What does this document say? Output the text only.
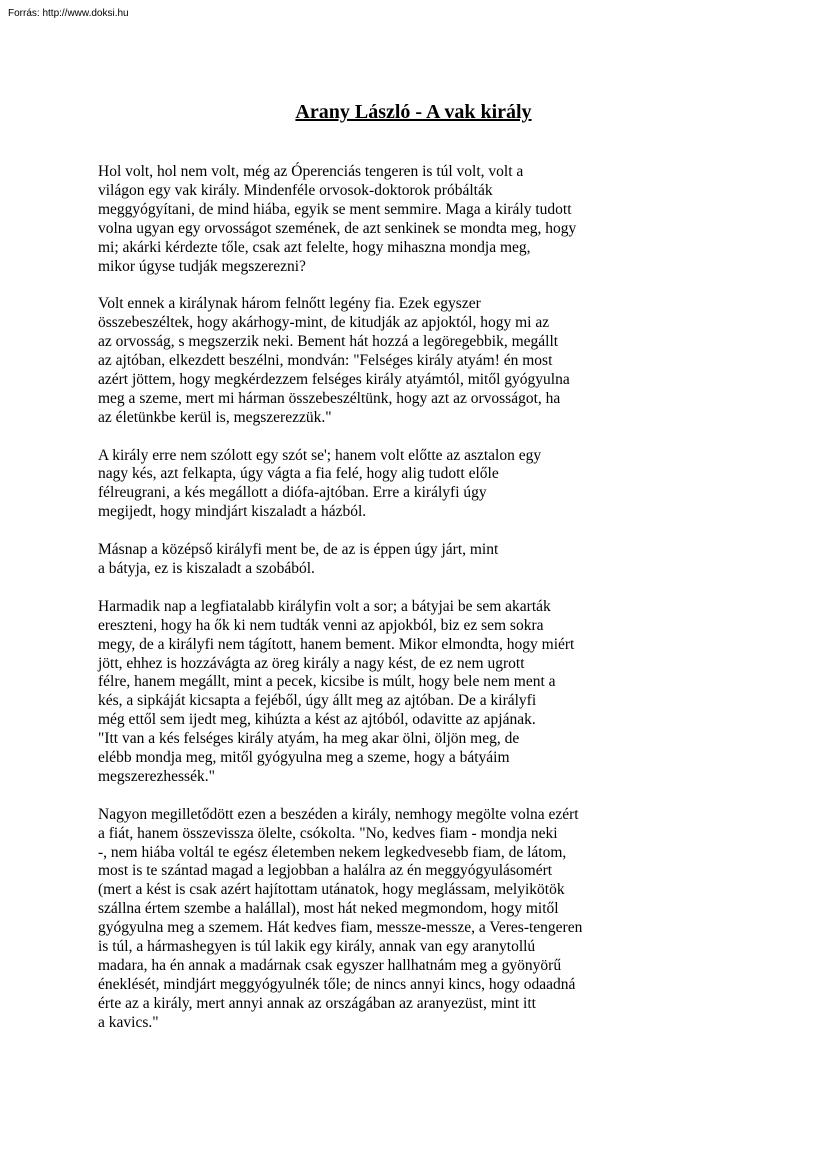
Forrás: http://www.doksi.hu
Arany László - A vak király

Hol volt, hol nem volt, még az Óperenciás tengeren is túl volt, volt a
világon egy vak király. Mindenféle orvosok-doktorok próbálták
meggyógyítani, de mind hiába, egyik se ment semmire. Maga a király tudott
volna ugyan egy orvosságot szemének, de azt senkinek se mondta meg, hogy
mi; akárki kérdezte tőle, csak azt felelte, hogy mihaszna mondja meg,
mikor úgyse tudják megszerezni?

Volt ennek a királynak három felnőtt legény fia. Ezek egyszer
összebeszéltek, hogy akárhogy-mint, de kitudják az apjoktól, hogy mi az
az orvosság, s megszerzik neki. Bement hát hozzá a legöregebbik, megállt
az ajtóban, elkezdett beszélni, mondván: "Felséges király atyám! én most
azért jöttem, hogy megkérdezzem felséges király atyámtól, mitől gyógyulna
meg a szeme, mert mi hárman összebeszéltünk, hogy azt az orvosságot, ha
az életünkbe kerül is, megszerezzük."

A király erre nem szólott egy szót se'; hanem volt előtte az asztalon egy
nagy kés, azt felkapta, úgy vágta a fia felé, hogy alig tudott előle
félreugrani, a kés megállott a diófa-ajtóban. Erre a királyfi úgy
megijedt, hogy mindjárt kiszaladt a házból.

Másnap a középső királyfi ment be, de az is éppen úgy járt, mint
a bátyja, ez is kiszaladt a szobából.

Harmadik nap a legfiatalabb királyfin volt a sor; a bátyjai be sem akarták
ereszteni, hogy ha ők ki nem tudták venni az apjokból, biz ez sem sokra
megy, de a királyfi nem tágított, hanem bement. Mikor elmondta, hogy miért
jött, ehhez is hozzávágta az öreg király a nagy kést, de ez nem ugrott
félre, hanem megállt, mint a pecek, kicsibe is múlt, hogy bele nem ment a
kés, a sipkáját kicsapta a fejéből, úgy állt meg az ajtóban. De a királyfi
még ettől sem ijedt meg, kihúzta a kést az ajtóból, odavitte az apjának.
"Itt van a kés felséges király atyám, ha meg akar ölni, öljön meg, de
elébb mondja meg, mitől gyógyulna meg a szeme, hogy a bátyáim
megszerezhessék."

Nagyon megilletődött ezen a beszéden a király, nemhogy megölte volna ezért
a fiát, hanem összevissza ölelte, csókolta. "No, kedves fiam - mondja neki
-, nem hiába voltál te egész életemben nekem legkedvesebb fiam, de látom,
most is te szántad magad a legjobban a halálra az én meggyógyulásomért
(mert a kést is csak azért hajítottam utánatok, hogy meglássam, melyikötök
szállna értem szembe a halállal), most hát neked megmondom, hogy mitől
gyógyulna meg a szemem. Hát kedves fiam, messze-messze, a Veres-tengeren
is túl, a hármashegyen is túl lakik egy király, annak van egy aranytollú
madara, ha én annak a madárnak csak egyszer hallhatnám meg a gyönyörű
éneklését, mindjárt meggyógyulnék tőle; de nincs annyi kincs, hogy odaadná
érte az a király, mert annyi annak az országában az aranyezüst, mint itt
a kavics."
